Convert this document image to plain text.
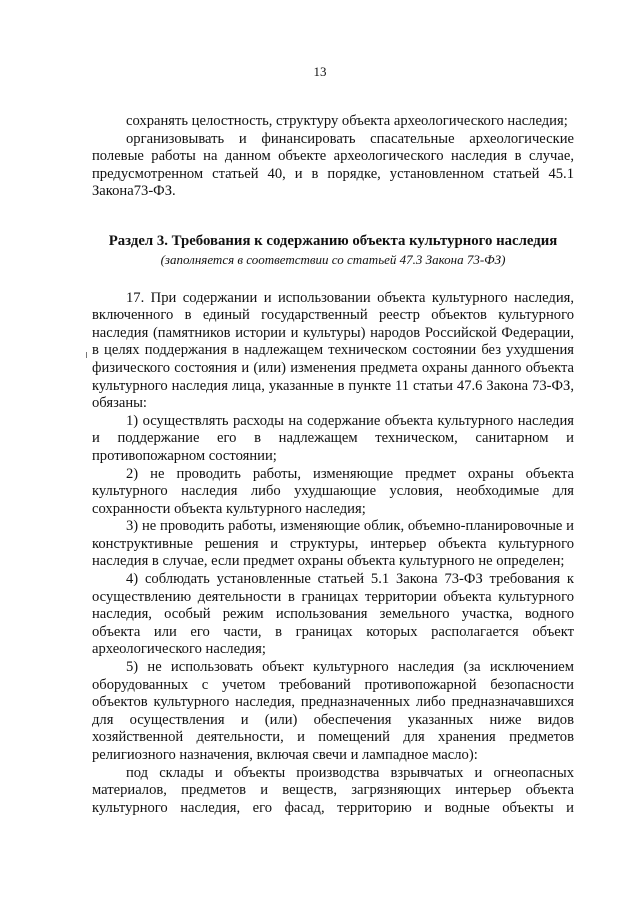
13

сохранять целостность, структуру объекта археологического наследия;

организовывать и финансировать спасательные археологические полевые работы на данном объекте археологического наследия в случае, предусмотренном статьей 40, и в порядке, установленном статьей 45.1 Закона73-ФЗ.

Раздел 3. Требования к содержанию объекта культурного наследия

(заполняется в соответствии со статьей 47.3 Закона 73-ФЗ)

17. При содержании и использовании объекта культурного наследия, включенного в единый государственный реестр объектов культурного наследия (памятников истории и культуры) народов Российской Федерации, в целях поддержания в надлежащем техническом состоянии без ухудшения физического состояния и (или) изменения предмета охраны данного объекта культурного наследия лица, указанные в пункте 11 статьи 47.6 Закона 73-ФЗ, обязаны:

1) осуществлять расходы на содержание объекта культурного наследия и поддержание его в надлежащем техническом, санитарном и противопожарном состоянии;

2) не проводить работы, изменяющие предмет охраны объекта культурного наследия либо ухудшающие условия, необходимые для сохранности объекта культурного наследия;

3) не проводить работы, изменяющие облик, объемно-планировочные и конструктивные решения и структуры, интерьер объекта культурного наследия в случае, если предмет охраны объекта культурного не определен;

4) соблюдать установленные статьей 5.1 Закона 73-ФЗ требования к осуществлению деятельности в границах территории объекта культурного наследия, особый режим использования земельного участка, водного объекта или его части, в границах которых располагается объект археологического наследия;

5) не использовать объект культурного наследия (за исключением оборудованных с учетом требований противопожарной безопасности объектов культурного наследия, предназначенных либо предназначавшихся для осуществления и (или) обеспечения указанных ниже видов хозяйственной деятельности, и помещений для хранения предметов религиозного назначения, включая свечи и лампадное масло):

под склады и объекты производства взрывчатых и огнеопасных материалов, предметов и веществ, загрязняющих интерьер объекта культурного наследия, его фасад, территорию и водные объекты и
